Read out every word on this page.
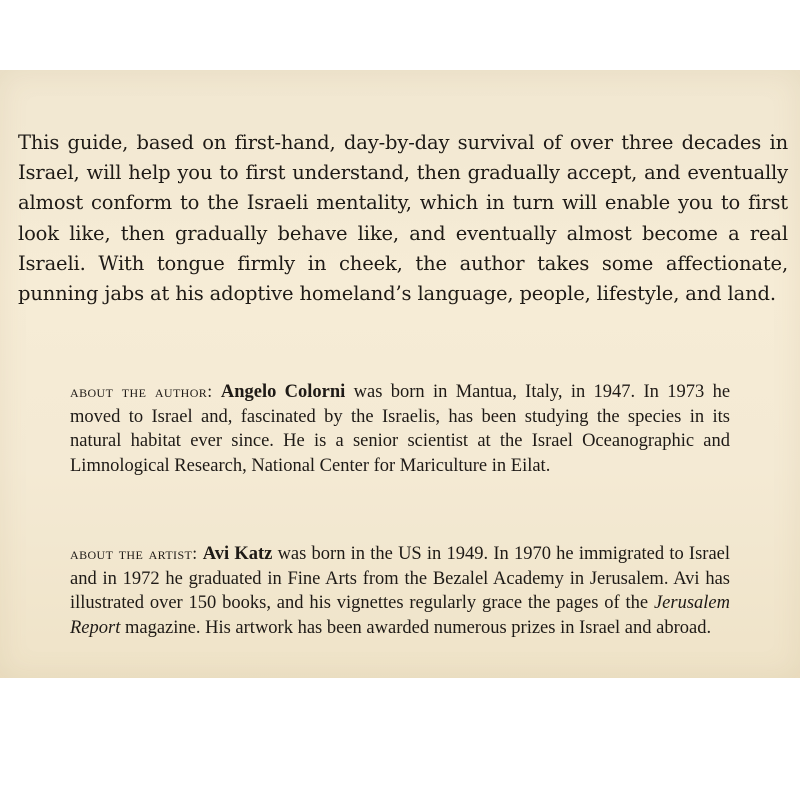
This guide, based on first-hand, day-by-day survival of over three decades in Israel, will help you to first understand, then gradually accept, and eventually almost conform to the Israeli mentality, which in turn will enable you to first look like, then gradually behave like, and eventually almost become a real Israeli. With tongue firmly in cheek, the author takes some affectionate, punning jabs at his adoptive homeland’s language, people, lifestyle, and land.

about the author: Angelo Colorni was born in Mantua, Italy, in 1947. In 1973 he moved to Israel and, fascinated by the Israelis, has been studying the species in its natural habitat ever since. He is a senior scientist at the Israel Oceanographic and Limnological Research, National Center for Mariculture in Eilat.

about the artist: Avi Katz was born in the US in 1949. In 1970 he immigrated to Israel and in 1972 he graduated in Fine Arts from the Bezalel Academy in Jerusalem. Avi has illustrated over 150 books, and his vignettes regularly grace the pages of the Jerusalem Report magazine. His artwork has been awarded numerous prizes in Israel and abroad.
